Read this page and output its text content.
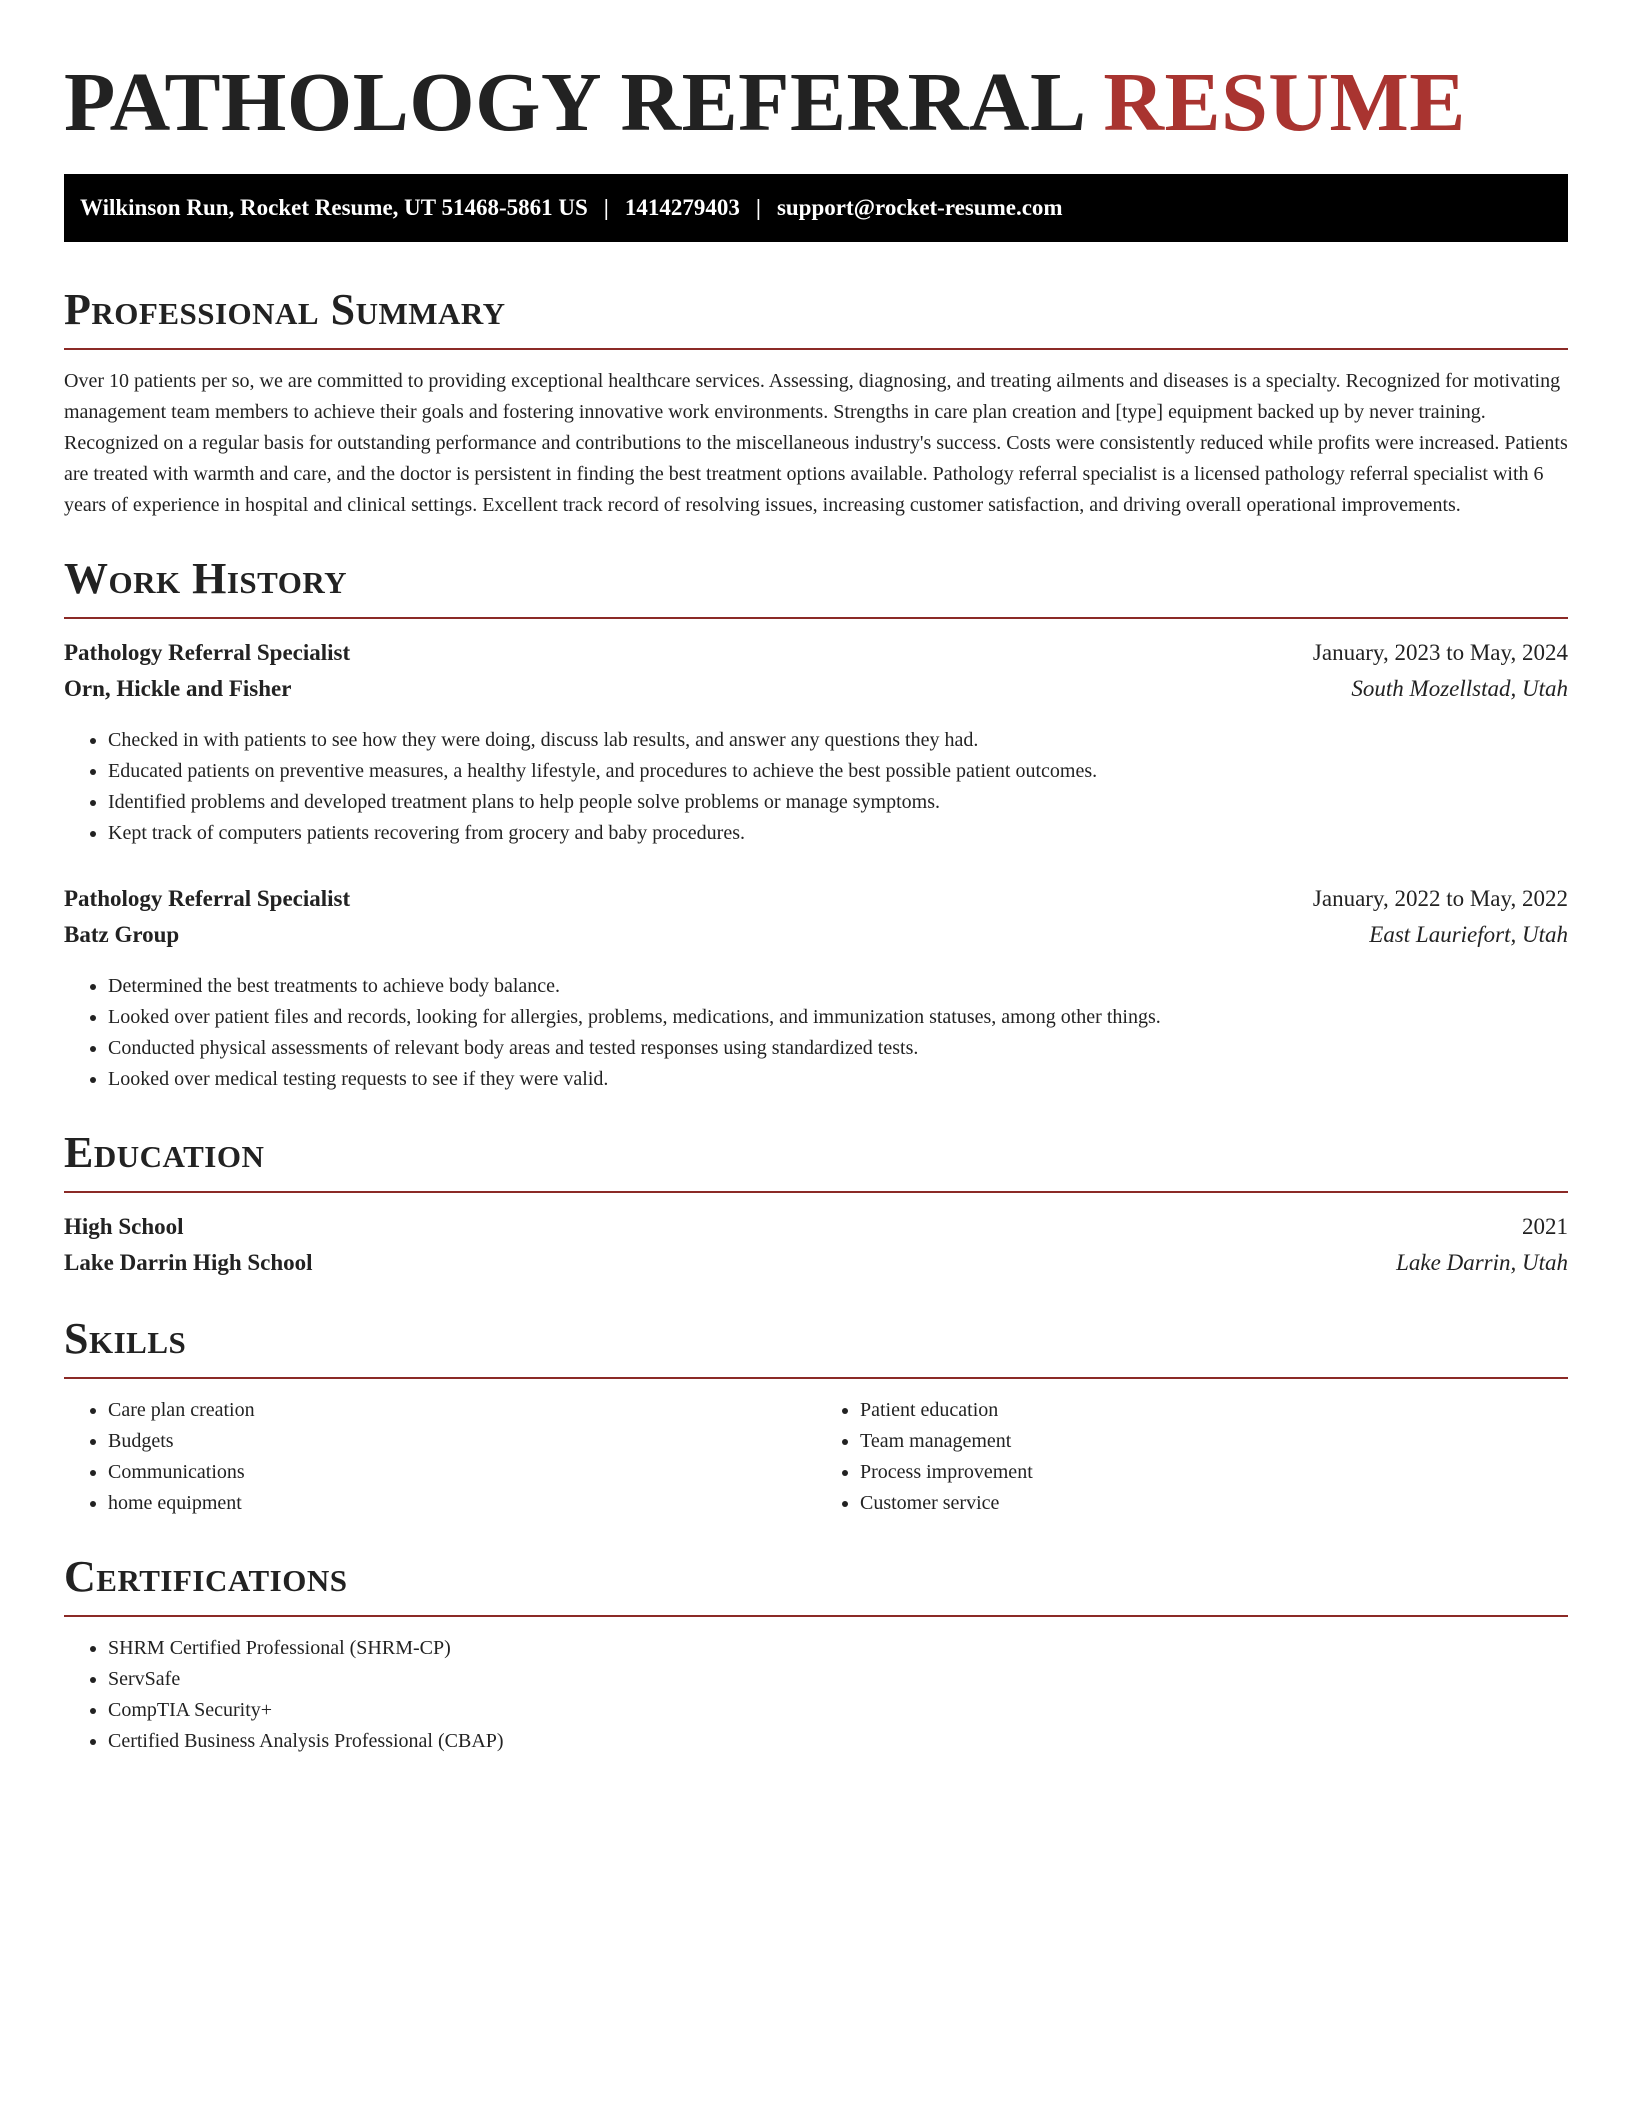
PATHOLOGY REFERRAL RESUME
Wilkinson Run, Rocket Resume, UT 51468-5861 US | 1414279403 | support@rocket-resume.com
Professional Summary

Over 10 patients per so, we are committed to providing exceptional healthcare services. Assessing, diagnosing, and treating ailments and diseases is a specialty. Recognized for motivating management team members to achieve their goals and fostering innovative work environments. Strengths in care plan creation and [type] equipment backed up by never training. Recognized on a regular basis for outstanding performance and contributions to the miscellaneous industry's success. Costs were consistently reduced while profits were increased. Patients are treated with warmth and care, and the doctor is persistent in finding the best treatment options available. Pathology referral specialist is a licensed pathology referral specialist with 6 years of experience in hospital and clinical settings. Excellent track record of resolving issues, increasing customer satisfaction, and driving overall operational improvements.

Work History
Pathology Referral Specialist	January, 2023 to May, 2024
Orn, Hickle and Fisher	South Mozellstad, Utah
• Checked in with patients to see how they were doing, discuss lab results, and answer any questions they had.
• Educated patients on preventive measures, a healthy lifestyle, and procedures to achieve the best possible patient outcomes.
• Identified problems and developed treatment plans to help people solve problems or manage symptoms.
• Kept track of computers patients recovering from grocery and baby procedures.
Pathology Referral Specialist	January, 2022 to May, 2022
Batz Group	East Lauriefort, Utah
• Determined the best treatments to achieve body balance.
• Looked over patient files and records, looking for allergies, problems, medications, and immunization statuses, among other things.
• Conducted physical assessments of relevant body areas and tested responses using standardized tests.
• Looked over medical testing requests to see if they were valid.
Education
High School	2021
Lake Darrin High School	Lake Darrin, Utah
Skills
• Care plan creation
• Budgets
• Communications
• home equipment
• Patient education
• Team management
• Process improvement
• Customer service
Certifications
• SHRM Certified Professional (SHRM-CP)
• ServSafe
• CompTIA Security+
• Certified Business Analysis Professional (CBAP)
